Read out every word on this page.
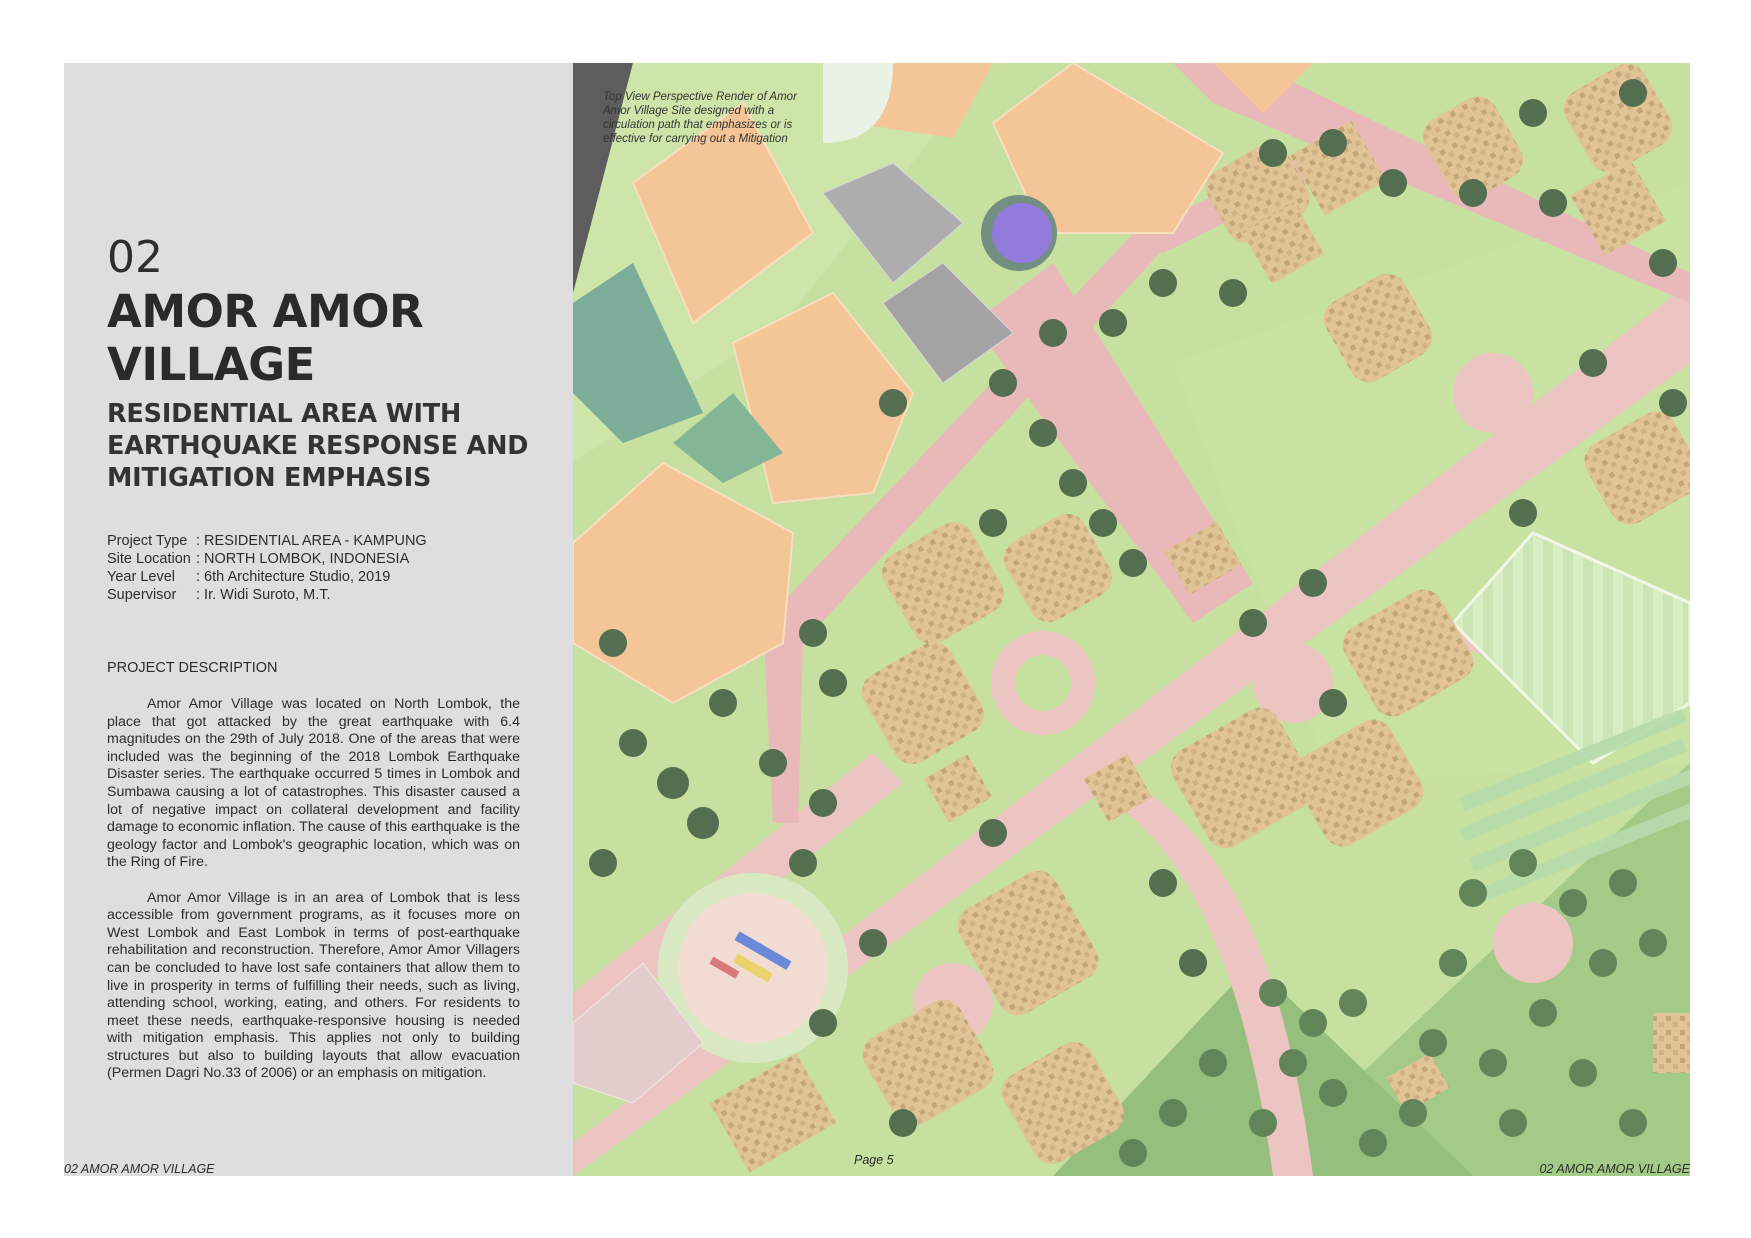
02
AMOR AMOR VILLAGE
RESIDENTIAL AREA WITH EARTHQUAKE RESPONSE AND MITIGATION EMPHASIS
Project Type : RESIDENTIAL AREA - KAMPUNG
Site Location : NORTH LOMBOK, INDONESIA
Year Level	: 6th Architecture Studio, 2019
Supervisor	: Ir. Widi Suroto, M.T.
PROJECT DESCRIPTION

Amor Amor Village was located on North Lombok, the place that got attacked by the great earthquake with 6.4 magnitudes on the 29th of July 2018. One of the areas that were included was the beginning of the 2018 Lombok Earthquake Disaster series. The earthquake occurred 5 times in Lombok and Sumbawa causing a lot of catastrophes. This disaster caused a lot of negative impact on collateral development and facility damage to economic inflation. The cause of this earthquake is the geology factor and Lombok's geographic location, which was on the Ring of Fire.

Amor Amor Village is in an area of Lombok that is less accessible from government programs, as it focuses more on West Lombok and East Lombok in terms of post-earthquake rehabilitation and reconstruction. Therefore, Amor Amor Villagers can be concluded to have lost safe containers that allow them to live in prosperity in terms of fulfilling their needs, such as living, attending school, working, eating, and others. For residents to meet these needs, earthquake-responsive housing is needed with mitigation emphasis. This applies not only to building structures but also to building layouts that allow evacuation (Permen Dagri No.33 of 2006) or an emphasis on mitigation.

Top View Perspective Render of Amor Amor Village Site designed with a circulation path that emphasizes or is effective for carrying out a Mitigation
02 AMOR AMOR VILLAGE
Page 5
02 AMOR AMOR VILLAGE
